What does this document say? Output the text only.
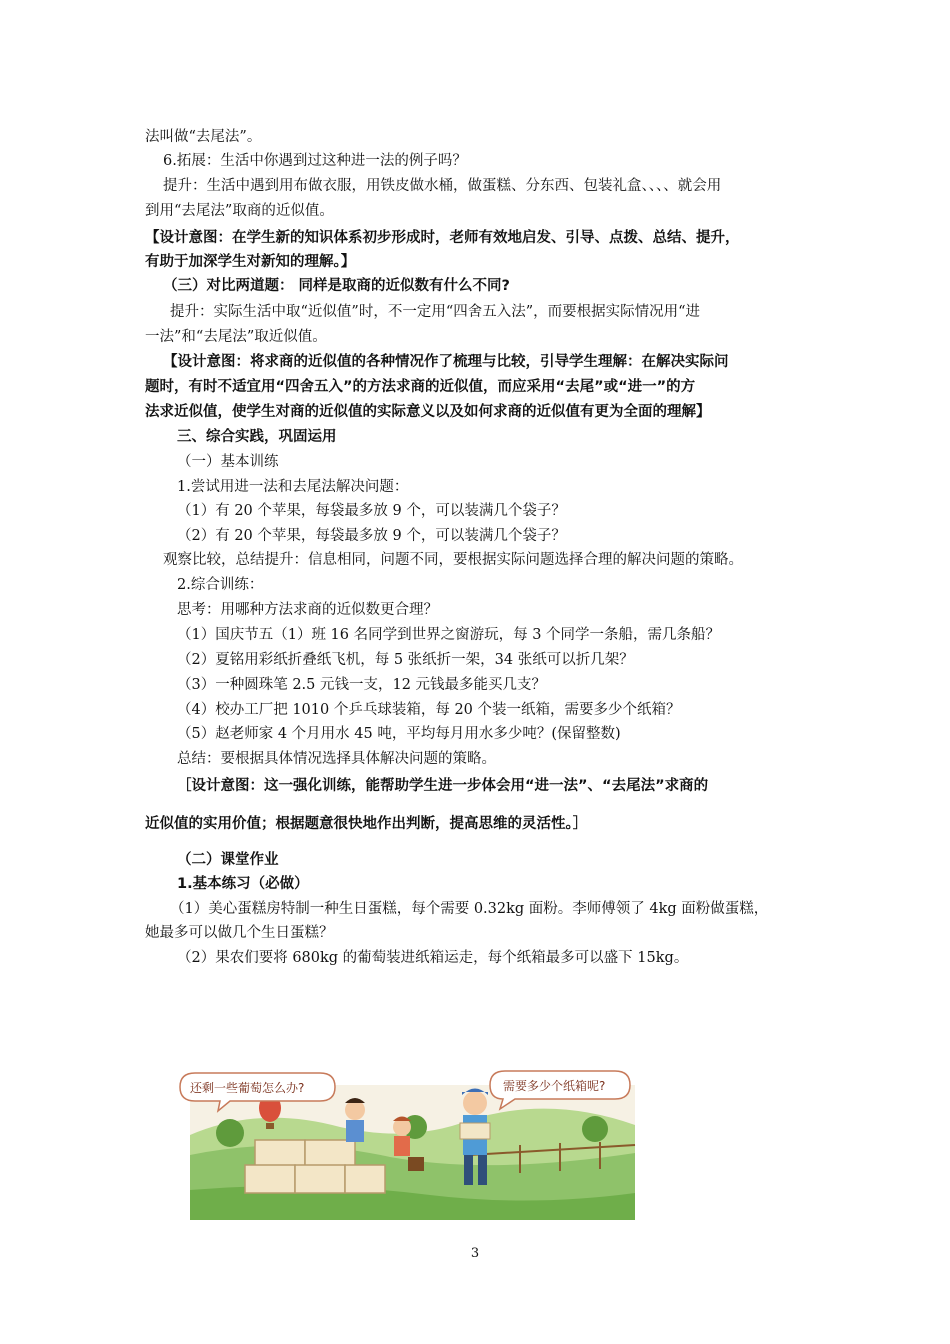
法叫做“去尾法”。
6.拓展：生活中你遇到过这种进一法的例子吗？
提升：生活中遇到用布做衣服，用铁皮做水桶，做蛋糕、分东西、包装礼盒、、、、就会用
到用“去尾法”取商的近似值。
【设计意图：在学生新的知识体系初步形成时，老师有效地启发、引导、点拨、总结、提升，
有助于加深学生对新知的理解。】
（三）对比两道题： 同样是取商的近似数有什么不同?
提升：实际生活中取“近似值”时，不一定用“四舍五入法”，而要根据实际情况用“进
一法”和“去尾法”取近似值。
【设计意图：将求商的近似值的各种情况作了梳理与比较，引导学生理解：在解决实际问
题时，有时不适宜用“四舍五入”的方法求商的近似值，而应采用“去尾”或“进一”的方
法求近似值，使学生对商的近似值的实际意义以及如何求商的近似值有更为全面的理解】
三、综合实践，巩固运用
（一）基本训练
1.尝试用进一法和去尾法解决问题：
（1）有 20 个苹果，每袋最多放 9 个，可以装满几个袋子？
（2）有 20 个苹果，每袋最多放 9 个，可以装满几个袋子？
观察比较，总结提升：信息相同，问题不同，要根据实际问题选择合理的解决问题的策略。
2.综合训练：
思考：用哪种方法求商的近似数更合理？
（1）国庆节五（1）班 16 名同学到世界之窗游玩，每 3 个同学一条船，需几条船？
（2）夏铭用彩纸折叠纸飞机，每 5 张纸折一架，34 张纸可以折几架？
（3）一种圆珠笔 2.5 元钱一支，12 元钱最多能买几支？
（4）校办工厂把 1010 个乒乓球装箱，每 20 个装一纸箱，需要多少个纸箱？
（5）赵老师家 4 个月用水 45 吨，平均每月用水多少吨？(保留整数)
总结：要根据具体情况选择具体解决问题的策略。
［设计意图：这一强化训练，能帮助学生进一步体会用“进一法”、“去尾法”求商的
近似值的实用价值；根据题意很快地作出判断，提高思维的灵活性。］
（二）课堂作业
1.基本练习（必做）
（1）美心蛋糕房特制一种生日蛋糕，每个需要 0.32kg 面粉。李师傅领了 4kg 面粉做蛋糕，
她最多可以做几个生日蛋糕？
（2）果农们要将 680kg 的葡萄装进纸箱运走，每个纸箱最多可以盛下 15kg。
还剩一些葡萄怎么办?	需要多少个纸箱呢?
3
